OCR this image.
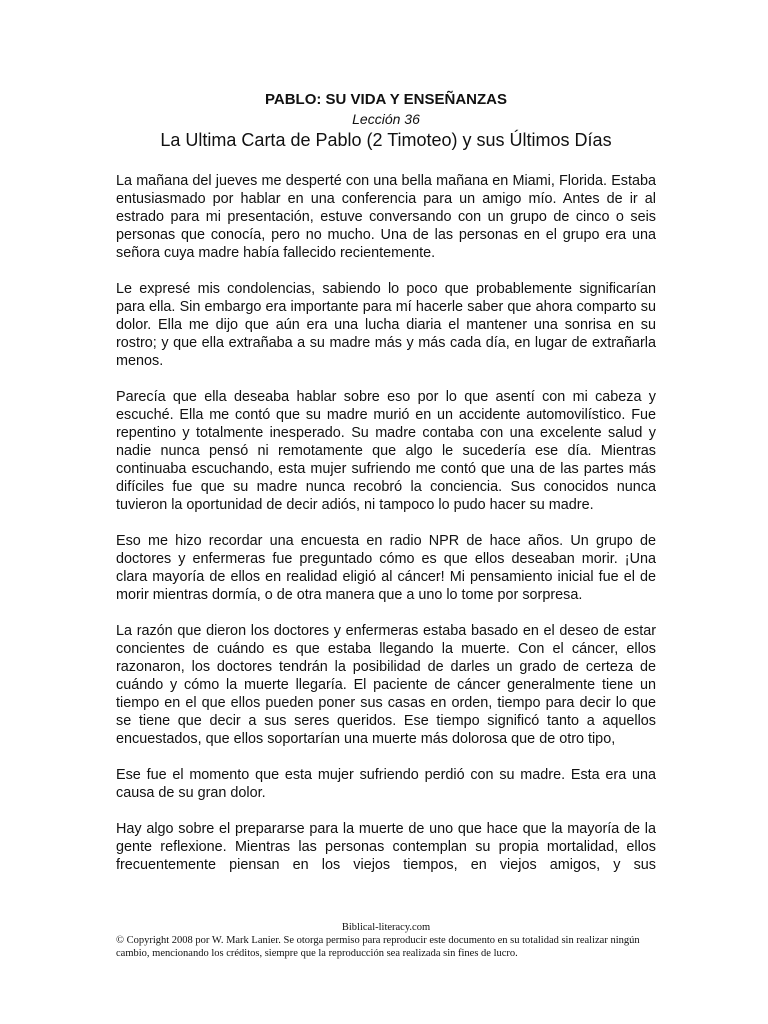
PABLO: SU VIDA Y ENSEÑANZAS

Lección 36

La Ultima Carta de Pablo (2 Timoteo) y sus Últimos Días

La mañana del jueves me desperté con una bella mañana en Miami, Florida. Estaba entusiasmado por hablar en una conferencia para un amigo mío. Antes de ir al estrado para mi presentación, estuve conversando con un grupo de cinco o seis personas que conocía, pero no mucho. Una de las personas en el grupo era una señora cuya madre había fallecido recientemente.

Le expresé mis condolencias, sabiendo lo poco que probablemente significarían para ella. Sin embargo era importante para mí hacerle saber que ahora comparto su dolor. Ella me dijo que aún era una lucha diaria el mantener una sonrisa en su rostro; y que ella extrañaba a su madre más y más cada día, en lugar de extrañarla menos.

Parecía que ella deseaba hablar sobre eso por lo que asentí con mi cabeza y escuché. Ella me contó que su madre murió en un accidente automovilístico. Fue repentino y totalmente inesperado. Su madre contaba con una excelente salud y nadie nunca pensó ni remotamente que algo le sucedería ese día. Mientras continuaba escuchando, esta mujer sufriendo me contó que una de las partes más difíciles fue que su madre nunca recobró la conciencia. Sus conocidos nunca tuvieron la oportunidad de decir adiós, ni tampoco lo pudo hacer su madre.

Eso me hizo recordar una encuesta en radio NPR de hace años. Un grupo de doctores y enfermeras fue preguntado cómo es que ellos deseaban morir. ¡Una clara mayoría de ellos en realidad eligió al cáncer! Mi pensamiento inicial fue el de morir mientras dormía, o de otra manera que a uno lo tome por sorpresa.

La razón que dieron los doctores y enfermeras estaba basado en el deseo de estar concientes de cuándo es que estaba llegando la muerte. Con el cáncer, ellos razonaron, los doctores tendrán la posibilidad de darles un grado de certeza de cuándo y cómo la muerte llegaría. El paciente de cáncer generalmente tiene un tiempo en el que ellos pueden poner sus casas en orden, tiempo para decir lo que se tiene que decir a sus seres queridos. Ese tiempo significó tanto a aquellos encuestados, que ellos soportarían una muerte más dolorosa que de otro tipo,

Ese fue el momento que esta mujer sufriendo perdió con su madre. Esta era una causa de su gran dolor.

Hay algo sobre el prepararse para la muerte de uno que hace que la mayoría de la gente reflexione. Mientras las personas contemplan su propia mortalidad, ellos frecuentemente piensan en los viejos tiempos, en viejos amigos, y sus

Biblical-literacy.com
© Copyright 2008 por W. Mark Lanier. Se otorga permiso para reproducir este documento en su totalidad sin realizar ningún cambio, mencionando los créditos, siempre que la reproducción sea realizada sin fines de lucro.
